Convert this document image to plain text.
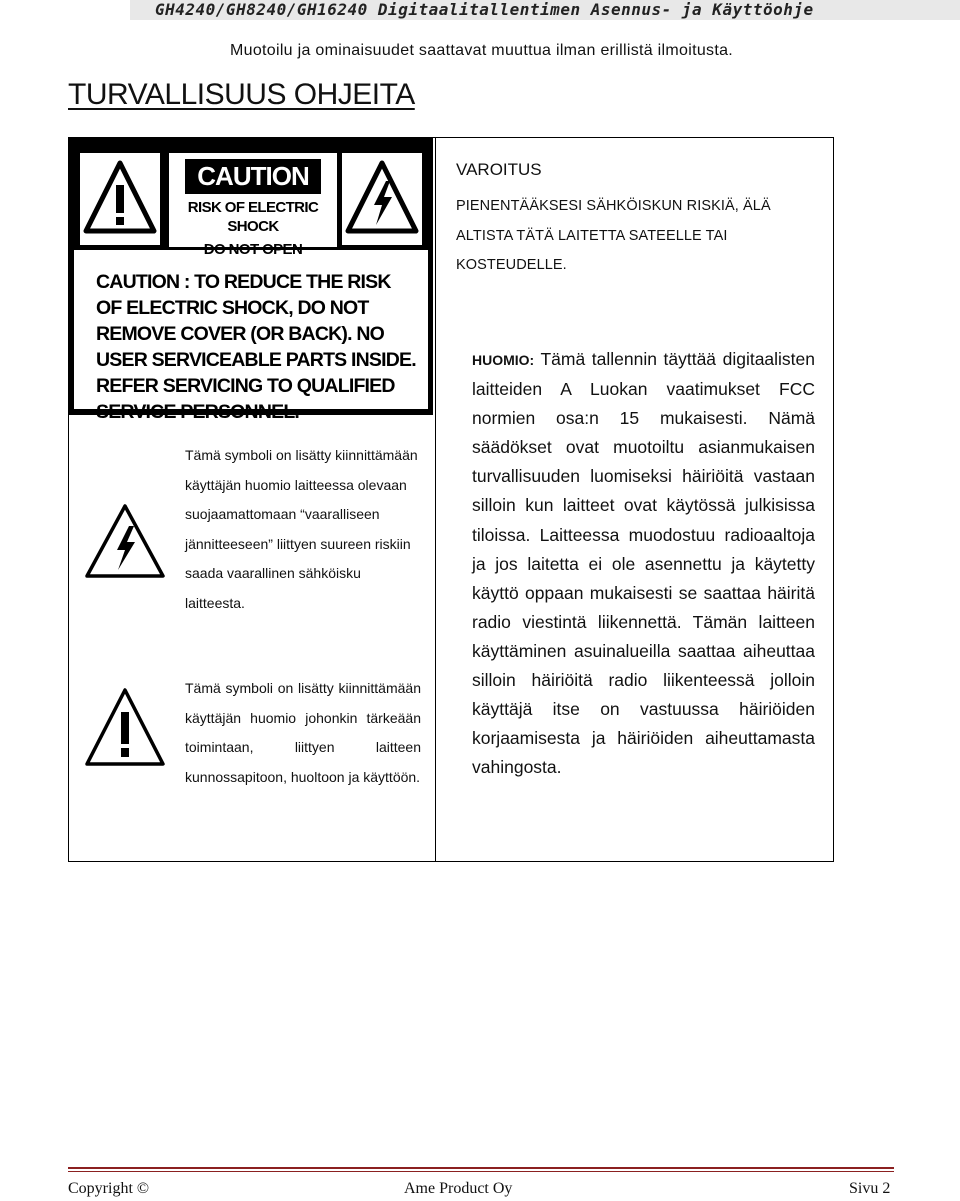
GH4240/GH8240/GH16240 Digitaalitallentimen Asennus- ja Käyttöohje
Muotoilu ja ominaisuudet saattavat muuttua ilman erillistä ilmoitusta.
TURVALLISUUS OHJEITA
CAUTION
RISK OF ELECTRIC SHOCK
DO NOT OPEN
CAUTION : TO REDUCE THE RISK OF ELECTRIC SHOCK, DO NOT REMOVE COVER (OR BACK). NO USER SERVICEABLE PARTS INSIDE. REFER SERVICING TO QUALIFIED SERVICE PERSONNEL.
Tämä symboli on lisätty kiinnittämään käyttäjän huomio laitteessa olevaan suojaamattomaan “vaaralliseen jännitteeseen” liittyen suureen riskiin saada vaarallinen sähköisku laitteesta.
Tämä symboli on lisätty kiinnittämään käyttäjän huomio johonkin tärkeään toimintaan, liittyen laitteen kunnossapitoon, huoltoon ja käyttöön.
VAROITUS
PIENENTÄÄKSESI SÄHKÖISKUN RISKIÄ, ÄLÄ ALTISTA TÄTÄ LAITETTA SATEELLE TAI KOSTEUDELLE.
HUOMIO: Tämä tallennin täyttää digitaalisten laitteiden A Luokan vaatimukset FCC normien osa:n 15 mukaisesti. Nämä säädökset ovat muotoiltu asianmukaisen turvallisuuden luomiseksi häiriöitä vastaan silloin kun laitteet ovat käytössä julkisissa tiloissa. Laitteessa muodostuu radioaaltoja ja jos laitetta ei ole asennettu ja käytetty käyttö oppaan mukaisesti se saattaa häiritä radio viestintä liikennettä. Tämän laitteen käyttäminen asuinalueilla saattaa aiheuttaa silloin häiriöitä radio liikenteessä jolloin käyttäjä itse on vastuussa häiriöiden korjaamisesta ja häiriöiden aiheuttamasta vahingosta.
Copyright ©	Ame Product Oy	Sivu 2
